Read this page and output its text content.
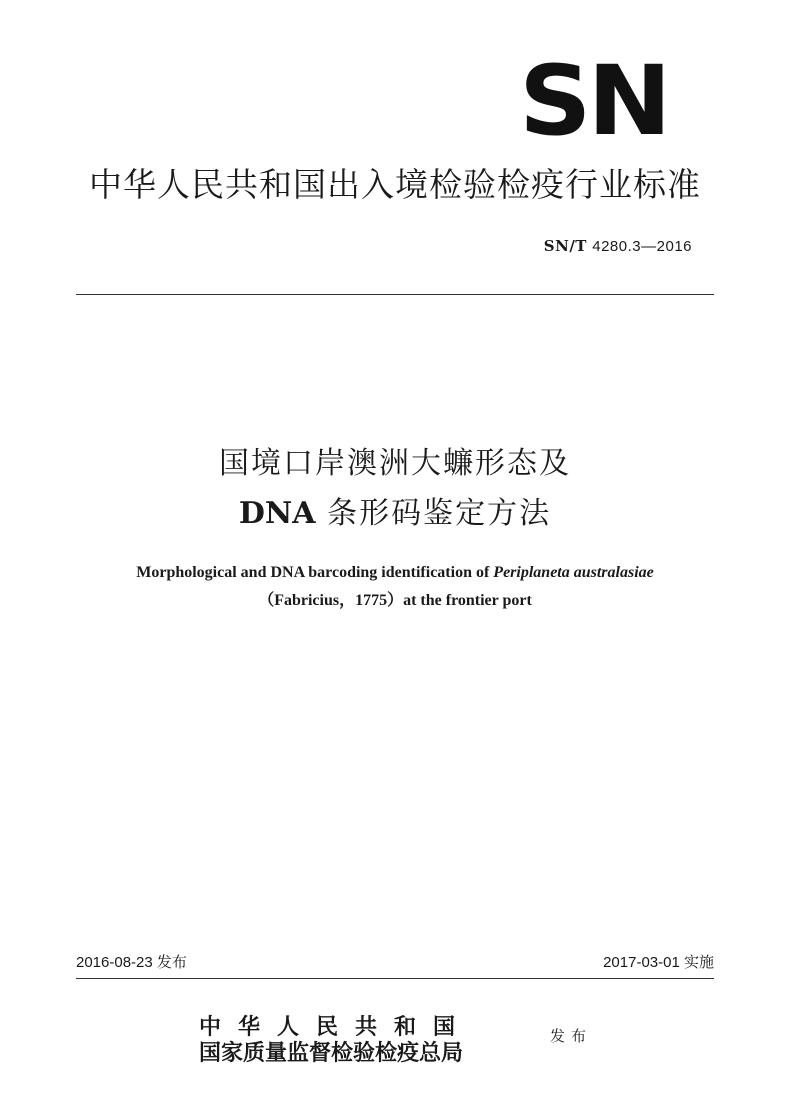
SN
中华人民共和国出入境检验检疫行业标准
SN/T 4280.3—2016
国境口岸澳洲大蠊形态及
DNA 条形码鉴定方法

Morphological and DNA barcoding identification of Periplaneta australasiae

（Fabricius，1775）at the frontier port

2016-08-23 发布	2017-03-01 实施
中华人民共和国
国家质量监督检验检疫总局
发布
